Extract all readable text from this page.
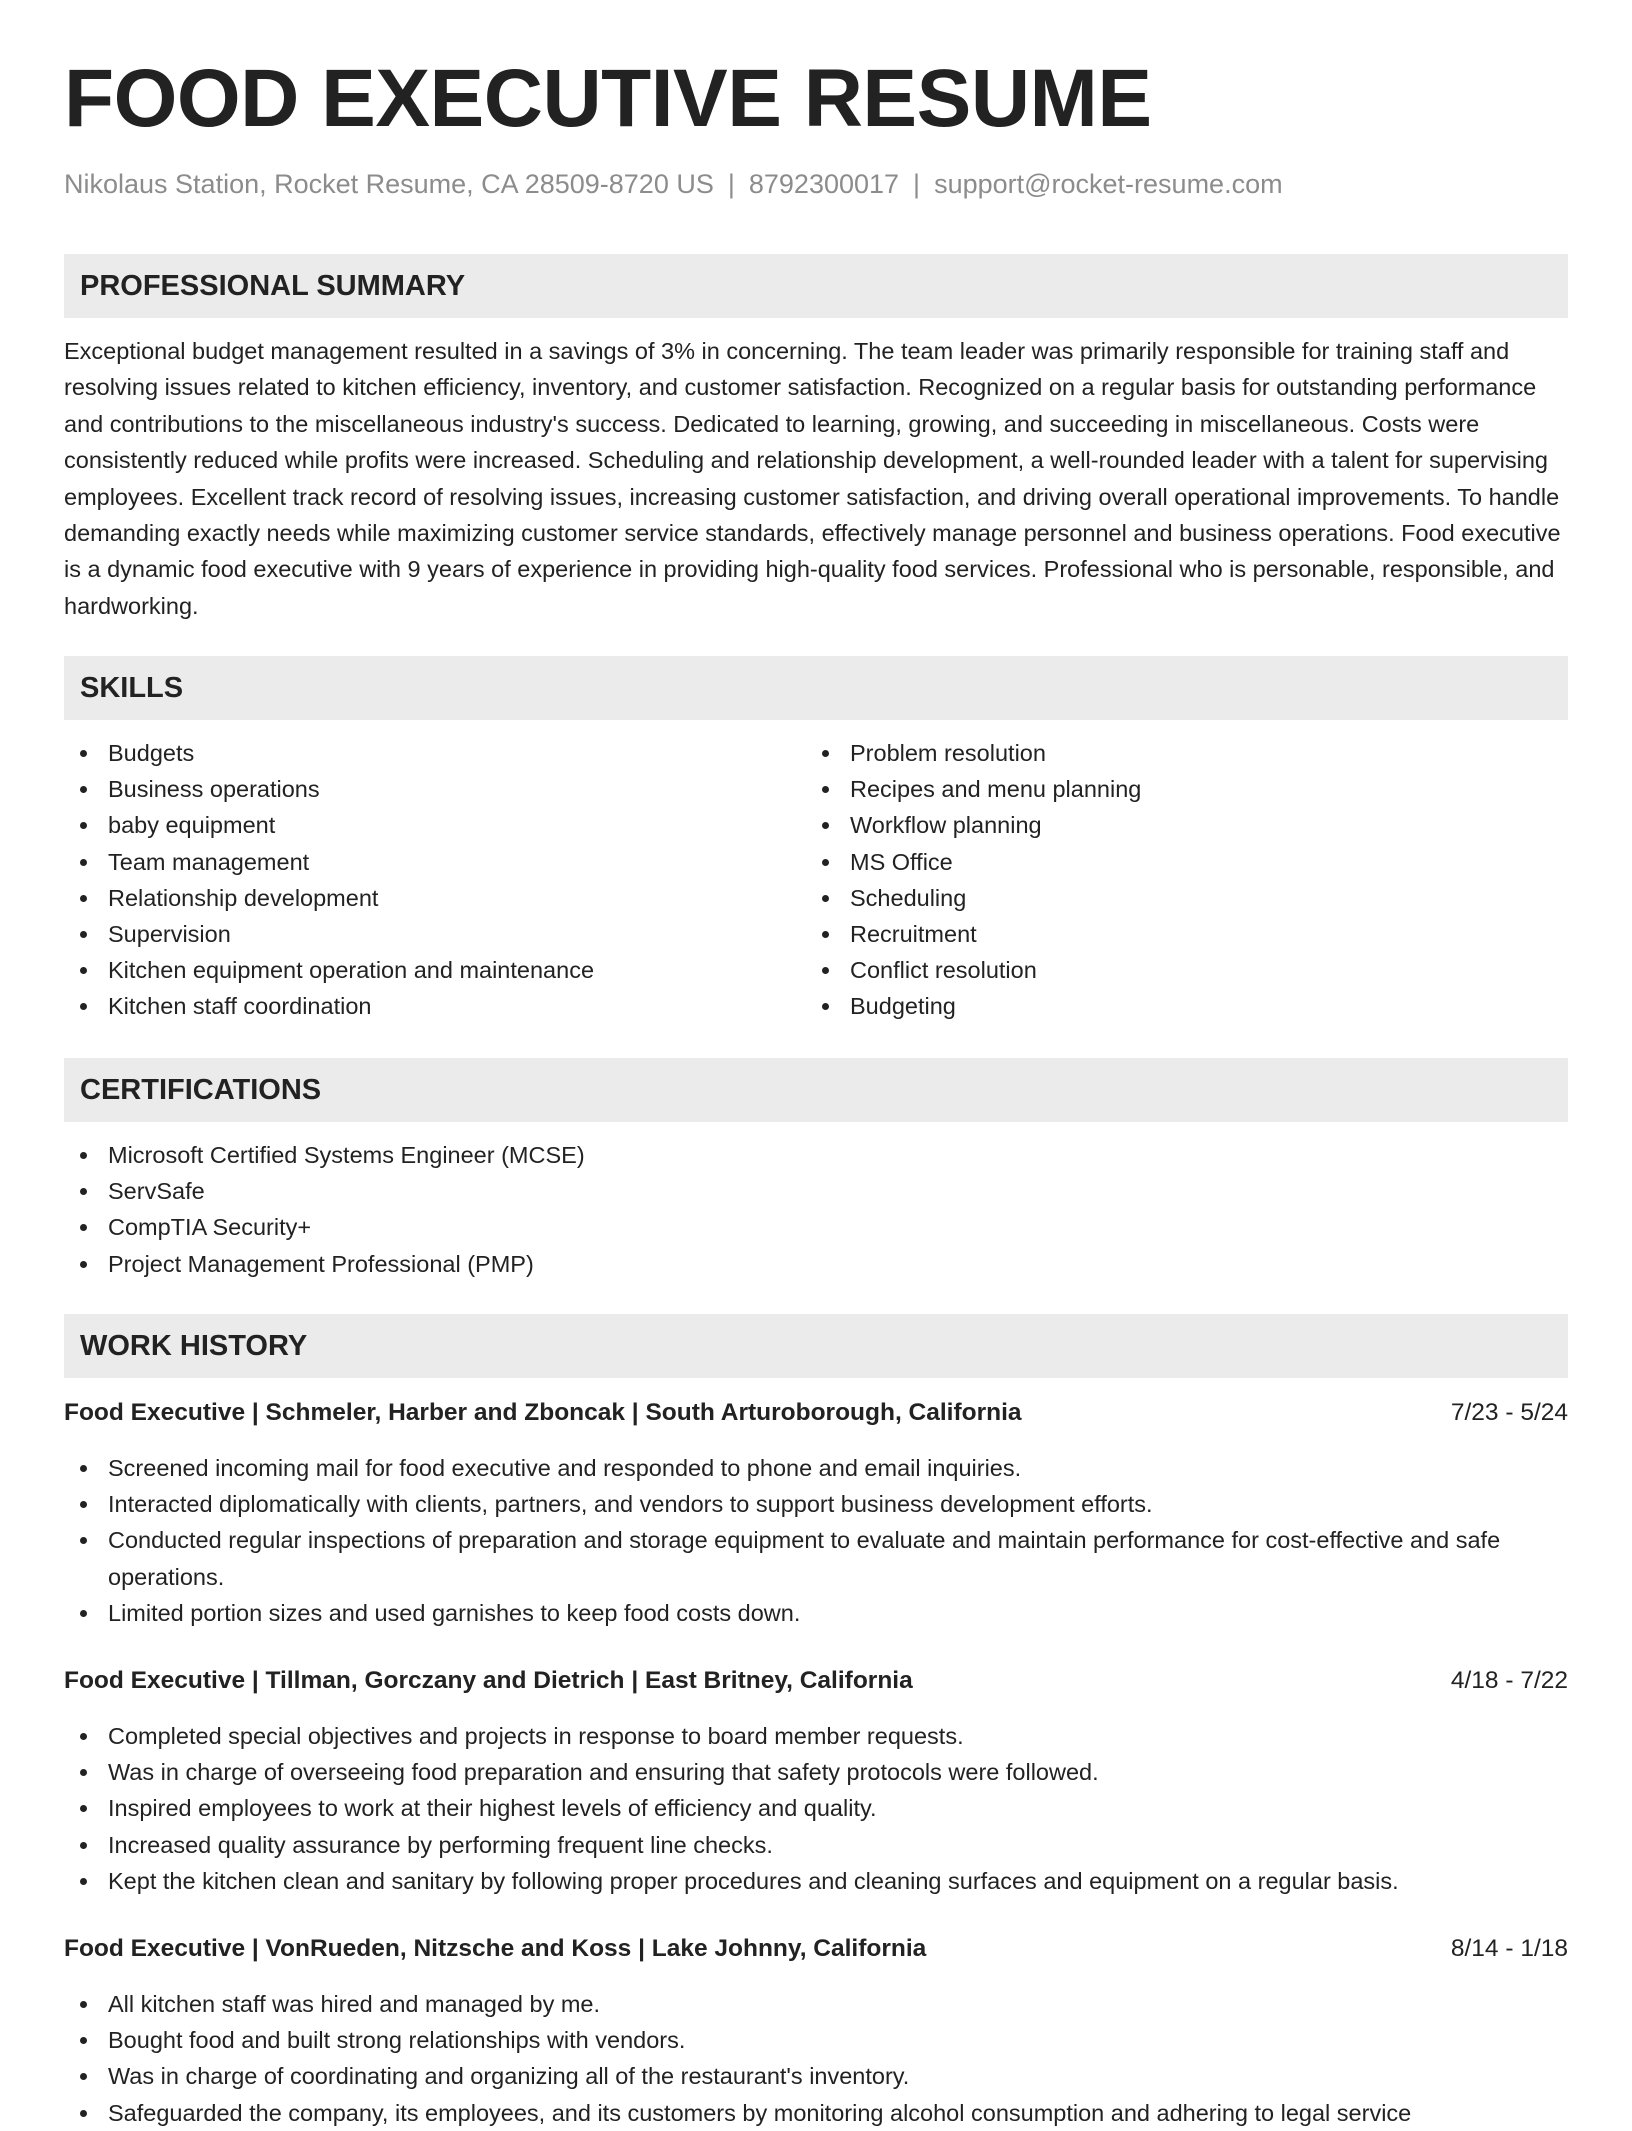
FOOD EXECUTIVE RESUME
Nikolaus Station, Rocket Resume, CA 28509-8720 US | 8792300017 | support@rocket-resume.com
PROFESSIONAL SUMMARY

Exceptional budget management resulted in a savings of 3% in concerning. The team leader was primarily responsible for training staff and resolving issues related to kitchen efficiency, inventory, and customer satisfaction. Recognized on a regular basis for outstanding performance and contributions to the miscellaneous industry's success. Dedicated to learning, growing, and succeeding in miscellaneous. Costs were consistently reduced while profits were increased. Scheduling and relationship development, a well-rounded leader with a talent for supervising employees. Excellent track record of resolving issues, increasing customer satisfaction, and driving overall operational improvements. To handle demanding exactly needs while maximizing customer service standards, effectively manage personnel and business operations. Food executive is a dynamic food executive with 9 years of experience in providing high-quality food services. Professional who is personable, responsible, and hardworking.

SKILLS
Budgets
Business operations
baby equipment
Team management
Relationship development
Supervision
Kitchen equipment operation and maintenance
Kitchen staff coordination
Problem resolution
Recipes and menu planning
Workflow planning
MS Office
Scheduling
Recruitment
Conflict resolution
Budgeting
CERTIFICATIONS
Microsoft Certified Systems Engineer (MCSE)
ServSafe
CompTIA Security+
Project Management Professional (PMP)
WORK HISTORY
Food Executive | Schmeler, Harber and Zboncak | South Arturoborough, California	7/23 - 5/24
Screened incoming mail for food executive and responded to phone and email inquiries.
Interacted diplomatically with clients, partners, and vendors to support business development efforts.
Conducted regular inspections of preparation and storage equipment to evaluate and maintain performance for cost-effective and safe operations.
Limited portion sizes and used garnishes to keep food costs down.
Food Executive | Tillman, Gorczany and Dietrich | East Britney, California	4/18 - 7/22
Completed special objectives and projects in response to board member requests.
Was in charge of overseeing food preparation and ensuring that safety protocols were followed.
Inspired employees to work at their highest levels of efficiency and quality.
Increased quality assurance by performing frequent line checks.
Kept the kitchen clean and sanitary by following proper procedures and cleaning surfaces and equipment on a regular basis.
Food Executive | VonRueden, Nitzsche and Koss | Lake Johnny, California	8/14 - 1/18
All kitchen staff was hired and managed by me.
Bought food and built strong relationships with vendors.
Was in charge of coordinating and organizing all of the restaurant's inventory.
Safeguarded the company, its employees, and its customers by monitoring alcohol consumption and adhering to legal service
